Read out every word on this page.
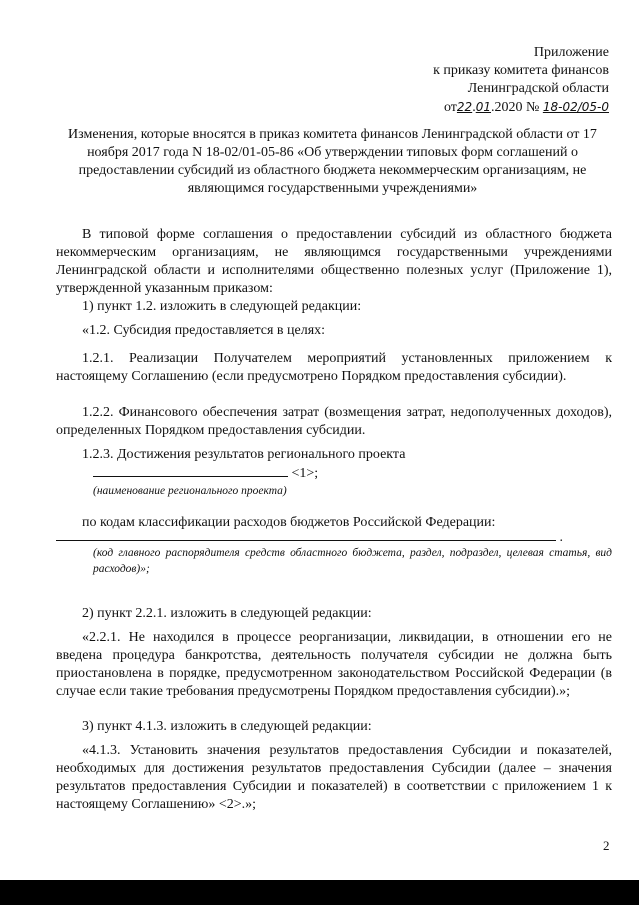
Приложение
к приказу комитета финансов
Ленинградской области
от22.01.2020 № 18-02/05-0
Изменения, которые вносятся в приказ комитета финансов Ленинградской области от 17 ноября 2017 года N 18-02/01-05-86 «Об утверждении типовых форм соглашений о предоставлении субсидий из областного бюджета некоммерческим организациям, не являющимся государственными учреждениями»
В типовой форме соглашения о предоставлении субсидий из областного бюджета некоммерческим организациям, не являющимся государственными учреждениями Ленинградской области и исполнителями общественно полезных услуг (Приложение 1), утвержденной указанным приказом:
1) пункт 1.2. изложить в следующей редакции:
«1.2. Субсидия предоставляется в целях:
1.2.1. Реализации Получателем мероприятий установленных приложением к настоящему Соглашению (если предусмотрено Порядком предоставления субсидии).
1.2.2. Финансового обеспечения затрат (возмещения затрат, недополученных доходов), определенных Порядком предоставления субсидии.
1.2.3. Достижения результатов регионального проекта
<1>;
(наименование регионального проекта)
по кодам классификации расходов бюджетов Российской Федерации:
.
(код главного распорядителя средств областного бюджета, раздел, подраздел, целевая статья, вид расходов)»;
2) пункт 2.2.1. изложить в следующей редакции:
«2.2.1. Не находился в процессе реорганизации, ликвидации, в отношении его не введена процедура банкротства, деятельность получателя субсидии не должна быть приостановлена в порядке, предусмотренном законодательством Российской Федерации (в случае если такие требования предусмотрены Порядком предоставления субсидии).»;
3) пункт 4.1.3. изложить в следующей редакции:
«4.1.3. Установить значения результатов предоставления Субсидии и показателей, необходимых для достижения результатов предоставления Субсидии (далее – значения результатов предоставления Субсидии и показателей) в соответствии с приложением 1 к настоящему Соглашению» <2>.»;
2
